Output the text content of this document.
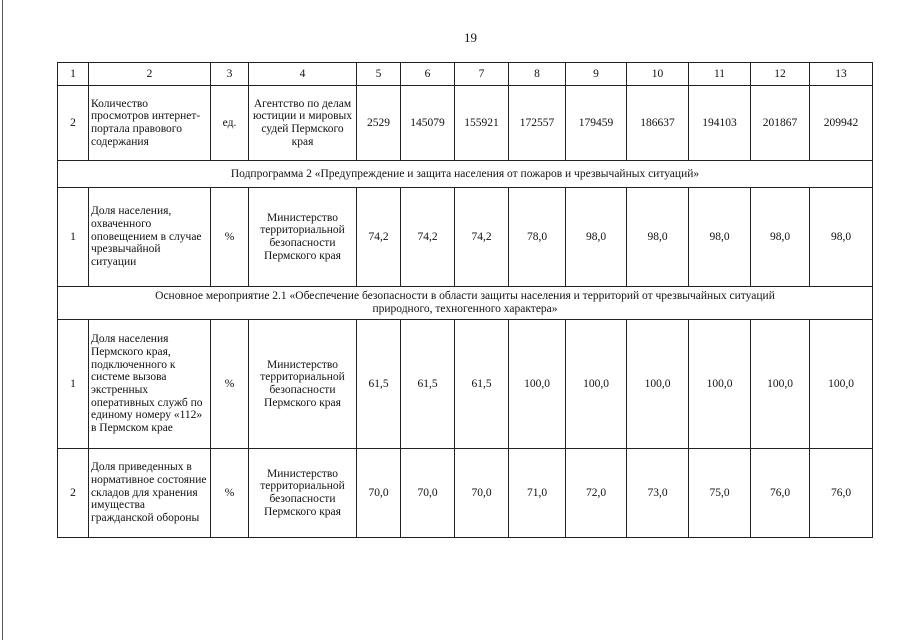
19
1	2	3	4	5	6	7	8	9	10	11	12	13
2	Количество просмотров интернет-портала правового содержания	ед.	Агентство по делам юстиции и мировых судей Пермского края	2529	145079	155921	172557	179459	186637	194103	201867	209942
Подпрограмма 2 «Предупреждение и защита населения от пожаров и чрезвычайных ситуаций»												
1	Доля населения, охваченного оповещением в случае чрезвычайной ситуации	%	Министерство территориальной безопасности Пермского края	74,2	74,2	74,2	78,0	98,0	98,0	98,0	98,0	98,0
Основное мероприятие 2.1 «Обеспечение безопасности в области защиты населения и территорий от чрезвычайных ситуаций природного, техногенного характера»												
1	Доля населения Пермского края, подключенного к системе вызова экстренных оперативных служб по единому номеру «112» в Пермском крае	%	Министерство территориальной безопасности Пермского края	61,5	61,5	61,5	100,0	100,0	100,0	100,0	100,0	100,0
2	Доля приведенных в нормативное состояние складов для хранения имущества гражданской обороны	%	Министерство территориальной безопасности Пермского края	70,0	70,0	70,0	71,0	72,0	73,0	75,0	76,0	76,0
